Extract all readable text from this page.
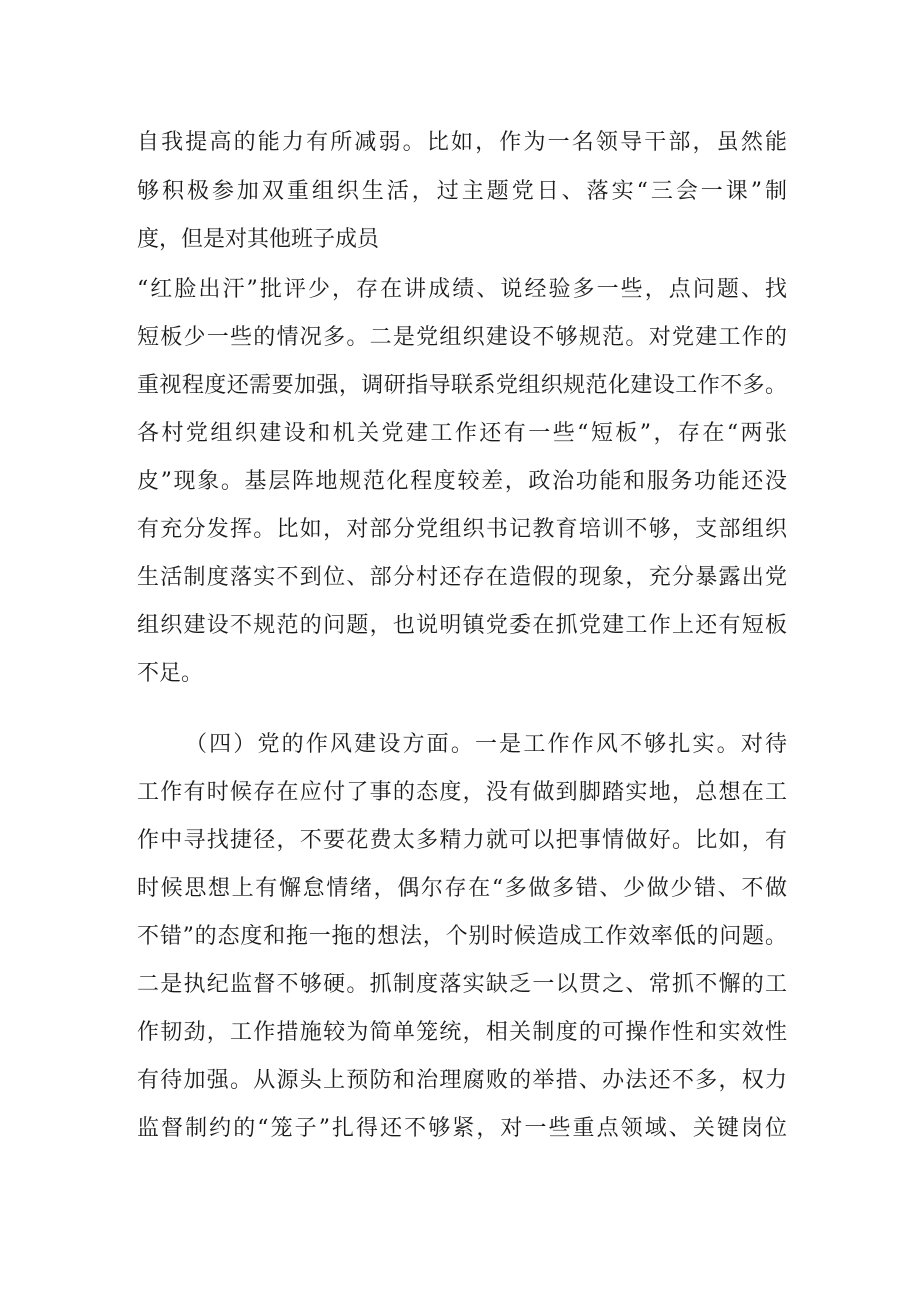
自我提高的能力有所减弱。比如，作为一名领导干部，虽然能
够积极参加双重组织生活，过主题党日、落实“三会一课”制
度，但是对其他班子成员
“红脸出汗”批评少，存在讲成绩、说经验多一些，点问题、找
短板少一些的情况多。二是党组织建设不够规范。对党建工作的
重视程度还需要加强，调研指导联系党组织规范化建设工作不多。
各村党组织建设和机关党建工作还有一些“短板”，存在“两张
皮”现象。基层阵地规范化程度较差，政治功能和服务功能还没
有充分发挥。比如，对部分党组织书记教育培训不够，支部组织
生活制度落实不到位、部分村还存在造假的现象，充分暴露出党
组织建设不规范的问题，也说明镇党委在抓党建工作上还有短板
不足。
（四）党的作风建设方面。一是工作作风不够扎实。对待
工作有时候存在应付了事的态度，没有做到脚踏实地，总想在工
作中寻找捷径，不要花费太多精力就可以把事情做好。比如，有
时候思想上有懈怠情绪，偶尔存在“多做多错、少做少错、不做
不错”的态度和拖一拖的想法，个别时候造成工作效率低的问题。
二是执纪监督不够硬。抓制度落实缺乏一以贯之、常抓不懈的工
作韧劲，工作措施较为简单笼统，相关制度的可操作性和实效性
有待加强。从源头上预防和治理腐败的举措、办法还不多，权力
监督制约的“笼子”扎得还不够紧，对一些重点领域、关键岗位
